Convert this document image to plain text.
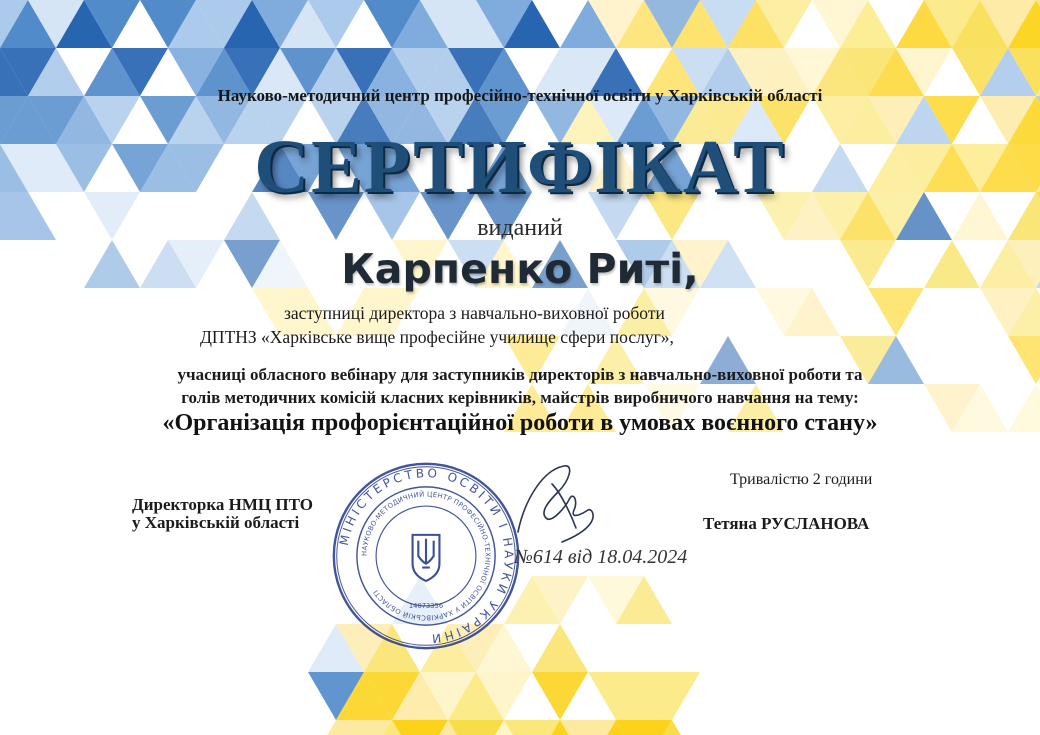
Науково-методичний центр професійно-технічної освіти у Харківській області
СЕРТИФІКАТ
виданий
Карпенко Риті,
заступниці директора з навчально-виховної роботи
ДПТНЗ «Харківське вище професійне училище сфери послуг»,
учасниці обласного вебінару для заступників директорів з навчально-виховної роботи та
голів методичних комісій класних керівників, майстрів виробничого навчання на тему:
«Організація профорієнтаційної роботи в умовах воєнного стану»
Тривалістю 2 години
Директорка НМЦ ПТО
у Харківській області	Тетяна РУСЛАНОВА
МІНІСТЕРСТВО ОСВІТИ І НАУКИ УКРАЇНИ
НАУКОВО-МЕТОДИЧНИЙ ЦЕНТР ПРОФЕСІЙНО-ТЕХНІЧНОЇ ОСВІТИ У ХАРКІВСЬКІЙ ОБЛАСТІ
14073356
№614 від 18.04.2024
